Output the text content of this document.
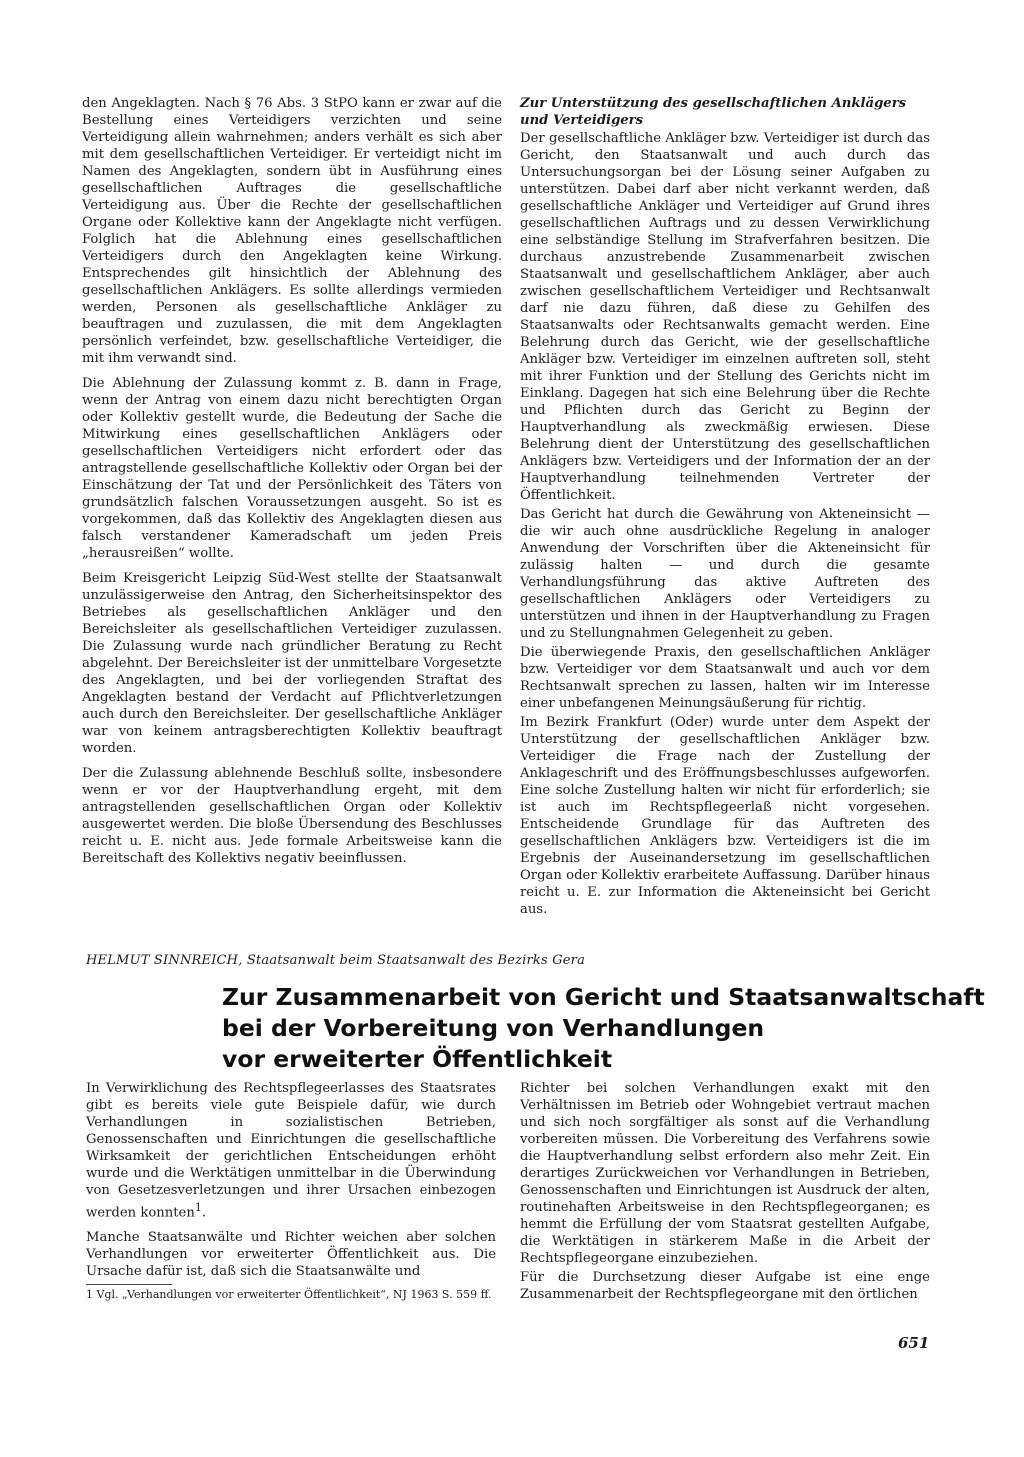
den Angeklagten. Nach § 76 Abs. 3 StPO kann er zwar auf die Bestellung eines Verteidigers verzichten und seine Verteidigung allein wahrnehmen; anders verhält es sich aber mit dem gesellschaftlichen Verteidiger. Er verteidigt nicht im Namen des Angeklagten, sondern übt in Ausführung eines gesellschaftlichen Auftrages die gesellschaftliche Verteidigung aus. Über die Rechte der gesellschaftlichen Organe oder Kollektive kann der Angeklagte nicht verfügen. Folglich hat die Ablehnung eines gesellschaftlichen Verteidigers durch den Angeklagten keine Wirkung. Entsprechendes gilt hinsichtlich der Ablehnung des gesellschaftlichen Anklägers. Es sollte allerdings vermieden werden, Personen als gesellschaftliche Ankläger zu beauftragen und zuzulassen, die mit dem Angeklagten persönlich verfeindet, bzw. gesellschaftliche Verteidiger, die mit ihm verwandt sind.

Die Ablehnung der Zulassung kommt z. B. dann in Frage, wenn der Antrag von einem dazu nicht berechtigten Organ oder Kollektiv gestellt wurde, die Bedeutung der Sache die Mitwirkung eines gesellschaftlichen Anklägers oder gesellschaftlichen Verteidigers nicht erfordert oder das antragstellende gesellschaftliche Kollektiv oder Organ bei der Einschätzung der Tat und der Persönlichkeit des Täters von grundsätzlich falschen Voraussetzungen ausgeht. So ist es vorgekommen, daß das Kollektiv des Angeklagten diesen aus falsch verstandener Kameradschaft um jeden Preis „herausreißen“ wollte.

Beim Kreisgericht Leipzig Süd-West stellte der Staatsanwalt unzulässigerweise den Antrag, den Sicherheitsinspektor des Betriebes als gesellschaftlichen Ankläger und den Bereichsleiter als gesellschaftlichen Verteidiger zuzulassen. Die Zulassung wurde nach gründlicher Beratung zu Recht abgelehnt. Der Bereichsleiter ist der unmittelbare Vorgesetzte des Angeklagten, und bei der vorliegenden Straftat des Angeklagten bestand der Verdacht auf Pflichtverletzungen auch durch den Bereichsleiter. Der gesellschaftliche Ankläger war von keinem antragsberechtigten Kollektiv beauftragt worden.

Der die Zulassung ablehnende Beschluß sollte, insbesondere wenn er vor der Hauptverhandlung ergeht, mit dem antragstellenden gesellschaftlichen Organ oder Kollektiv ausgewertet werden. Die bloße Übersendung des Beschlusses reicht u. E. nicht aus. Jede formale Arbeitsweise kann die Bereitschaft des Kollektivs negativ beeinflussen.

Zur Unterstützung des gesellschaftlichen Anklägers
und Verteidigers

Der gesellschaftliche Ankläger bzw. Verteidiger ist durch das Gericht, den Staatsanwalt und auch durch das Untersuchungsorgan bei der Lösung seiner Aufgaben zu unterstützen. Dabei darf aber nicht verkannt werden, daß gesellschaftliche Ankläger und Verteidiger auf Grund ihres gesellschaftlichen Auftrags und zu dessen Verwirklichung eine selbständige Stellung im Strafverfahren besitzen. Die durchaus anzustrebende Zusammenarbeit zwischen Staatsanwalt und gesellschaftlichem Ankläger, aber auch zwischen gesellschaftlichem Verteidiger und Rechtsanwalt darf nie dazu führen, daß diese zu Gehilfen des Staatsanwalts oder Rechtsanwalts gemacht werden. Eine Belehrung durch das Gericht, wie der gesellschaftliche Ankläger bzw. Verteidiger im einzelnen auftreten soll, steht mit ihrer Funktion und der Stellung des Gerichts nicht im Einklang. Dagegen hat sich eine Belehrung über die Rechte und Pflichten durch das Gericht zu Beginn der Hauptverhandlung als zweckmäßig erwiesen. Diese Belehrung dient der Unterstützung des gesellschaftlichen Anklägers bzw. Verteidigers und der Information der an der Hauptverhandlung teilnehmenden Vertreter der Öffentlichkeit.

Das Gericht hat durch die Gewährung von Akteneinsicht — die wir auch ohne ausdrückliche Regelung in analoger Anwendung der Vorschriften über die Akteneinsicht für zulässig halten — und durch die gesamte Verhandlungsführung das aktive Auftreten des gesellschaftlichen Anklägers oder Verteidigers zu unterstützen und ihnen in der Hauptverhandlung zu Fragen und zu Stellungnahmen Gelegenheit zu geben.

Die überwiegende Praxis, den gesellschaftlichen Ankläger bzw. Verteidiger vor dem Staatsanwalt und auch vor dem Rechtsanwalt sprechen zu lassen, halten wir im Interesse einer unbefangenen Meinungsäußerung für richtig.

Im Bezirk Frankfurt (Oder) wurde unter dem Aspekt der Unterstützung der gesellschaftlichen Ankläger bzw. Verteidiger die Frage nach der Zustellung der Anklageschrift und des Eröffnungsbeschlusses aufgeworfen. Eine solche Zustellung halten wir nicht für erforderlich; sie ist auch im Rechtspflegeerlaß nicht vorgesehen. Entscheidende Grundlage für das Auftreten des gesellschaftlichen Anklägers bzw. Verteidigers ist die im Ergebnis der Auseinandersetzung im gesellschaftlichen Organ oder Kollektiv erarbeitete Auffassung. Darüber hinaus reicht u. E. zur Information die Akteneinsicht bei Gericht aus.

HELMUT SINNREICH, Staatsanwalt beim Staatsanwalt des Bezirks Gera
Zur Zusammenarbeit von Gericht und Staatsanwaltschaft
bei der Vorbereitung von Verhandlungen
vor erweiterter Öffentlichkeit

In Verwirklichung des Rechtspflegeerlasses des Staatsrates gibt es bereits viele gute Beispiele dafür, wie durch Verhandlungen in sozialistischen Betrieben, Genossenschaften und Einrichtungen die gesellschaftliche Wirksamkeit der gerichtlichen Entscheidungen erhöht wurde und die Werktätigen unmittelbar in die Überwindung von Gesetzesverletzungen und ihrer Ursachen einbezogen werden konnten$^1$.

Manche Staatsanwälte und Richter weichen aber solchen Verhandlungen vor erweiterter Öffentlichkeit aus. Die Ursache dafür ist, daß sich die Staatsanwälte und

1 Vgl. „Verhandlungen vor erweiterter Öffentlichkeit“, NJ 1963 S. 559 ff.

Richter bei solchen Verhandlungen exakt mit den Verhältnissen im Betrieb oder Wohngebiet vertraut machen und sich noch sorgfältiger als sonst auf die Verhandlung vorbereiten müssen. Die Vorbereitung des Verfahrens sowie die Hauptverhandlung selbst erfordern also mehr Zeit. Ein derartiges Zurückweichen vor Verhandlungen in Betrieben, Genossenschaften und Einrichtungen ist Ausdruck der alten, routinehaften Arbeitsweise in den Rechtspflegeorganen; es hemmt die Erfüllung der vom Staatsrat gestellten Aufgabe, die Werktätigen in stärkerem Maße in die Arbeit der Rechtspflegeorgane einzubeziehen.

Für die Durchsetzung dieser Aufgabe ist eine enge Zusammenarbeit der Rechtspflegeorgane mit den örtlichen

651
